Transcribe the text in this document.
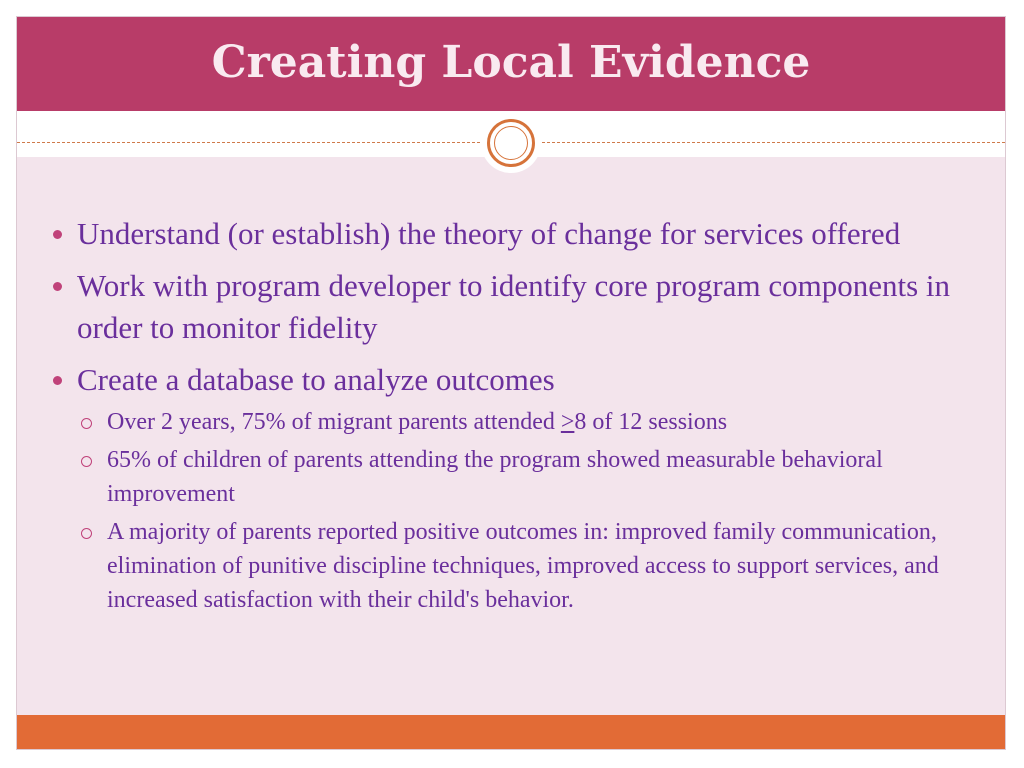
Creating Local Evidence
Understand (or establish) the theory of change for services offered
Work with program developer to identify core program components in order to monitor fidelity
Create a database to analyze outcomes
Over 2 years, 75% of migrant parents attended ≥8 of 12 sessions
65% of children of parents attending the program showed measurable behavioral improvement
A majority of parents reported positive outcomes in: improved family communication, elimination of punitive discipline techniques, improved access to support services, and increased satisfaction with their child's behavior.
